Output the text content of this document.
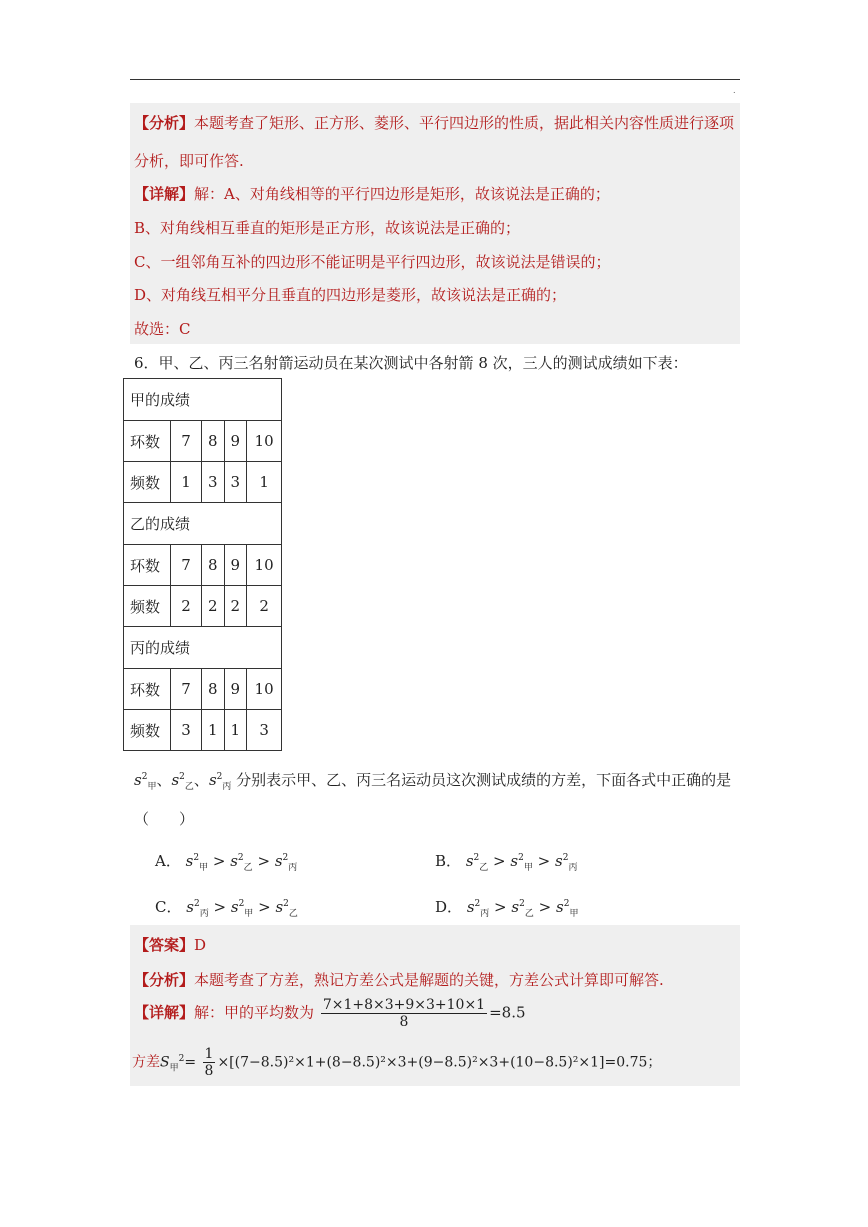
.
【分析】本题考查了矩形、正方形、菱形、平行四边形的性质，据此相关内容性质进行逐项
分析，即可作答.
【详解】解：A、对角线相等的平行四边形是矩形，故该说法是正确的；
B、对角线相互垂直的矩形是正方形，故该说法是正确的；
C、一组邻角互补的四边形不能证明是平行四边形，故该说法是错误的；
D、对角线互相平分且垂直的四边形是菱形，故该说法是正确的；
故选：C
6．甲、乙、丙三名射箭运动员在某次测试中各射箭 8 次，三人的测试成绩如下表：
甲的成绩				
环数	7	8	9	10
频数	1	3	3	1
乙的成绩				
环数	7	8	9	10
频数	2	2	2	2
丙的成绩				
环数	7	8	9	10
频数	3	1	1	3
$s^2_甲$、$s^2_乙$、$s^2_丙$ 分别表示甲、乙、丙三名运动员这次测试成绩的方差，下面各式中正确的是
（　　）
A． $s^2_甲 > s^2_乙 > s^2_丙$	B． $s^2_乙 > s^2_甲 > s^2_丙$
C． $s^2_丙 > s^2_甲 > s^2_乙$	D． $s^2_丙 > s^2_乙 > s^2_甲$
【答案】D
【分析】本题考查了方差，熟记方差公式是解题的关键，方差公式计算即可解答.
【详解】解：甲的平均数为 $\frac{7\times 1+8\times 3+9\times 3+10\times 1}{8} =8.5$
方差$S_甲^2= \frac{1}{8} \times[(7-8.5)^2\times 1+(8-8.5)^2\times 3+(9-8.5)^2\times 3+(10-8.5)^2\times 1]=0.75$；
